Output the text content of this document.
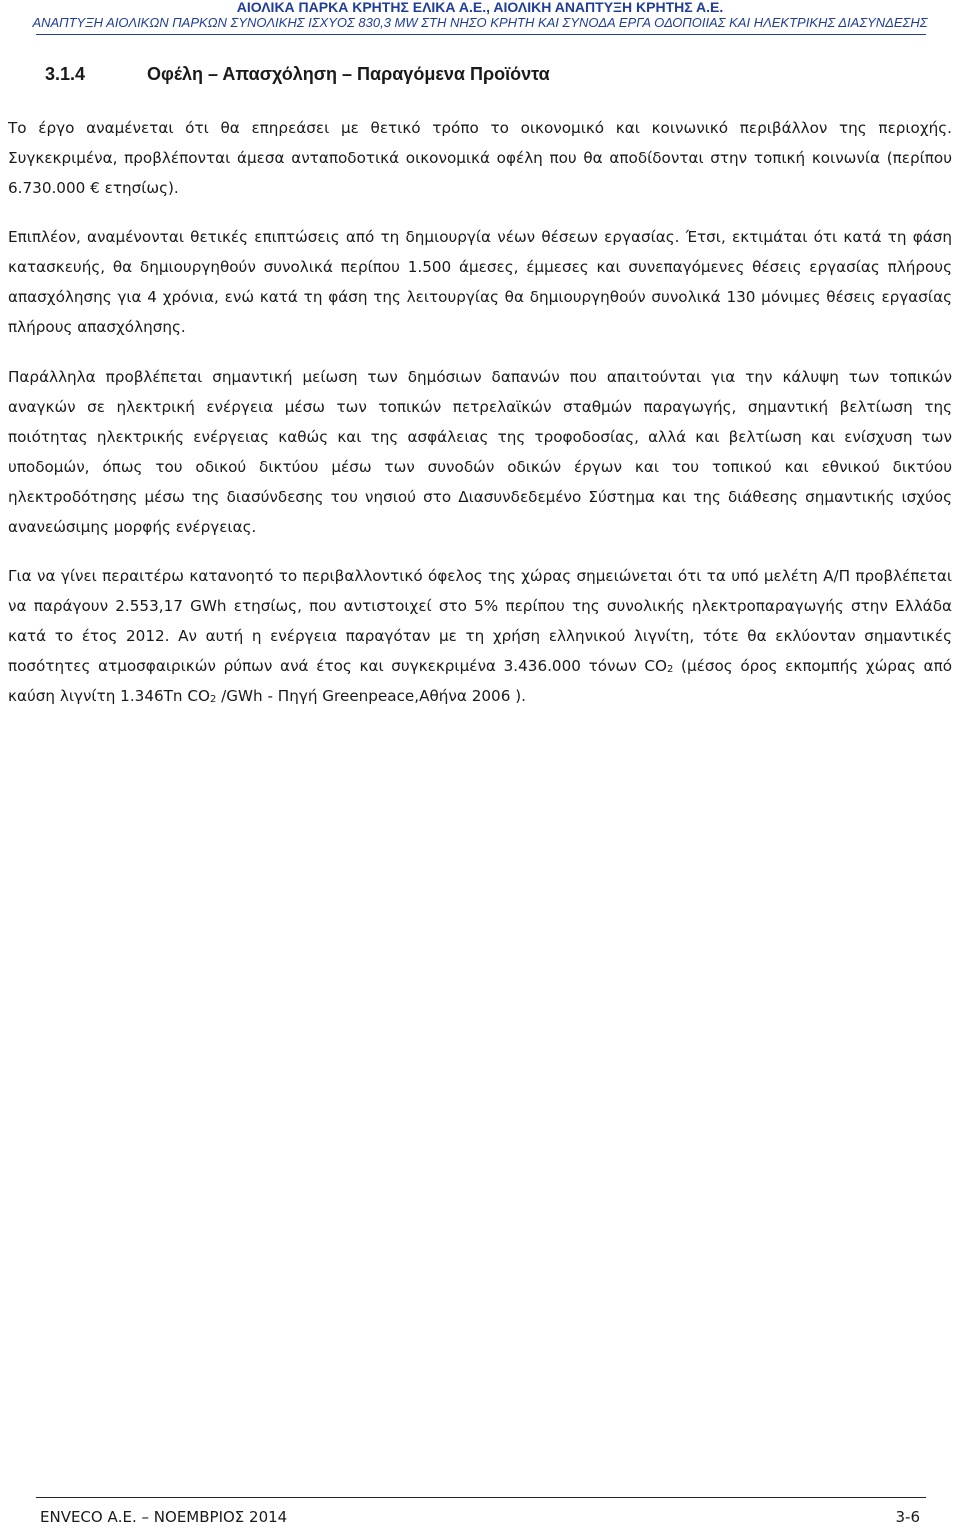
ΑΙΟΛΙΚΑ ΠΑΡΚΑ ΚΡΗΤΗΣ ΕΛΙΚΑ Α.Ε., ΑΙΟΛΙΚΗ ΑΝΑΠΤΥΞΗ ΚΡΗΤΗΣ Α.Ε.
ΑΝΑΠΤΥΞΗ ΑΙΟΛΙΚΩΝ ΠΑΡΚΩΝ ΣΥΝΟΛΙΚΗΣ ΙΣΧΥΟΣ 830,3 MW ΣΤΗ ΝΗΣΟ ΚΡΗΤΗ ΚΑΙ ΣΥΝΟΔΑ ΕΡΓΑ ΟΔΟΠΟΙΙΑΣ ΚΑΙ ΗΛΕΚΤΡΙΚΗΣ ΔΙΑΣΥΝΔΕΣΗΣ
3.1.4	Οφέλη – Απασχόληση – Παραγόμενα Προϊόντα

Το έργο αναμένεται ότι θα επηρεάσει με θετικό τρόπο το οικονομικό και κοινωνικό περιβάλλον της περιοχής. Συγκεκριμένα, προβλέπονται άμεσα ανταποδοτικά οικονομικά οφέλη που θα αποδίδονται στην τοπική κοινωνία (περίπου 6.730.000 € ετησίως).

Επιπλέον, αναμένονται θετικές επιπτώσεις από τη δημιουργία νέων θέσεων εργασίας. Έτσι, εκτιμάται ότι κατά τη φάση κατασκευής, θα δημιουργηθούν συνολικά περίπου 1.500 άμεσες, έμμεσες και συνεπαγόμενες θέσεις εργασίας πλήρους απασχόλησης για 4 χρόνια, ενώ κατά τη φάση της λειτουργίας θα δημιουργηθούν συνολικά 130 μόνιμες θέσεις εργασίας πλήρους απασχόλησης.

Παράλληλα προβλέπεται σημαντική μείωση των δημόσιων δαπανών που απαιτούνται για την κάλυψη των τοπικών αναγκών σε ηλεκτρική ενέργεια μέσω των τοπικών πετρελαϊκών σταθμών παραγωγής, σημαντική βελτίωση της ποιότητας ηλεκτρικής ενέργειας καθώς και της ασφάλειας της τροφοδοσίας, αλλά και βελτίωση και ενίσχυση των υποδομών, όπως του οδικού δικτύου μέσω των συνοδών οδικών έργων και του τοπικού και εθνικού δικτύου ηλεκτροδότησης μέσω της διασύνδεσης του νησιού στο Διασυνδεδεμένο Σύστημα και της διάθεσης σημαντικής ισχύος ανανεώσιμης μορφής ενέργειας.

Για να γίνει περαιτέρω κατανοητό το περιβαλλοντικό όφελος της χώρας σημειώνεται ότι τα υπό μελέτη Α/Π προβλέπεται να παράγουν 2.553,17 GWh ετησίως, που αντιστοιχεί στο 5% περίπου της συνολικής ηλεκτροπαραγωγής στην Ελλάδα κατά το έτος 2012. Αν αυτή η ενέργεια παραγόταν με τη χρήση ελληνικού λιγνίτη, τότε θα εκλύονταν σημαντικές ποσότητες ατμοσφαιρικών ρύπων ανά έτος και συγκεκριμένα 3.436.000 τόνων $CO_2$ (μέσος όρος εκπομπής χώρας από καύση λιγνίτη 1.346Tn $CO_2$ /GWh - Πηγή Greenpeace,Αθήνα 2006 ).

ENVECO Α.Ε. – ΝΟΕΜΒΡΙΟΣ 2014	3-6
